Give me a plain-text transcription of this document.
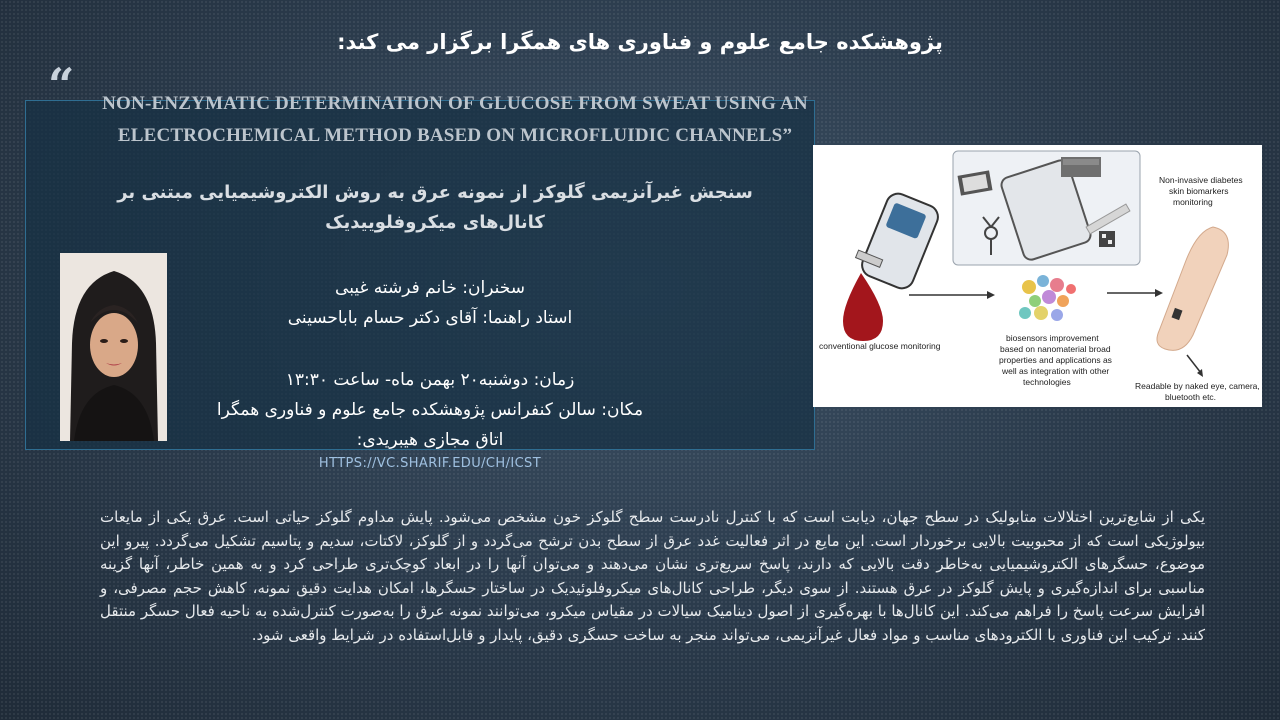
پژوهشکده جامع علوم و فناوری های همگرا برگزار می کند:
“	NON-ENZYMATIC DETERMINATION OF GLUCOSE FROM SWEAT USING AN ELECTROCHEMICAL METHOD BASED ON MICROFLUIDIC CHANNELS”
سنجش غیرآنزیمی گلوکز از نمونه عرق به روش الکتروشیمیایی مبتنی بر کانال‌های میکروفلوییدیک
سخنران: خانم فرشته غیبی
استاد راهنما: آقای دکتر حسام باباحسینی
زمان: دوشنبه۲۰ بهمن ماه- ساعت ۱۳:۳۰
مکان: سالن کنفرانس پژوهشکده جامع علوم و فناوری همگرا
اتاق مجازی هیبریدی:
HTTPS://VC.SHARIF.EDU/CH/ICST
conventional glucose monitoring
biosensors improvement
based on nanomaterial broad
properties and applications as
well as integration with other
technologies
Non-invasive diabetes
skin biomarkers
monitoring
Readable by naked eye, camera,
bluetooth etc.
یکی از شایع‌ترین اختلالات متابولیک در سطح جهان، دیابت است که با کنترل نادرست سطح گلوکز خون مشخص می‌شود. پایش مداوم گلوکز حیاتی است. عرق یکی از مایعات بیولوژیکی است که از محبوبیت بالایی برخوردار است. این مایع در اثر فعالیت غدد عرق از سطح بدن ترشح می‌گردد و از گلوکز، لاکتات، سدیم و پتاسیم تشکیل می‌گردد. پیرو این موضوع، حسگرهای الکتروشیمیایی به‌خاطر دقت بالایی که دارند، پاسخ سریع‌تری نشان می‌دهند و می‌توان آنها را در ابعاد کوچک‌تری طراحی کرد و به همین خاطر، آنها گزینه مناسبی برای اندازه‌گیری و پایش گلوکز در عرق هستند. از سوی دیگر، طراحی کانال‌های میکروفلوئیدیک در ساختار حسگرها، امکان هدایت دقیق نمونه، کاهش حجم مصرفی، و افزایش سرعت پاسخ را فراهم می‌کند. این کانال‌ها با بهره‌گیری از اصول دینامیک سیالات در مقیاس میکرو، می‌توانند نمونه عرق را به‌صورت کنترل‌شده به ناحیه فعال حسگر منتقل کنند. ترکیب این فناوری با الکترودهای مناسب و مواد فعال غیرآنزیمی، می‌تواند منجر به ساخت حسگری دقیق، پایدار و قابل‌استفاده در شرایط واقعی شود.
